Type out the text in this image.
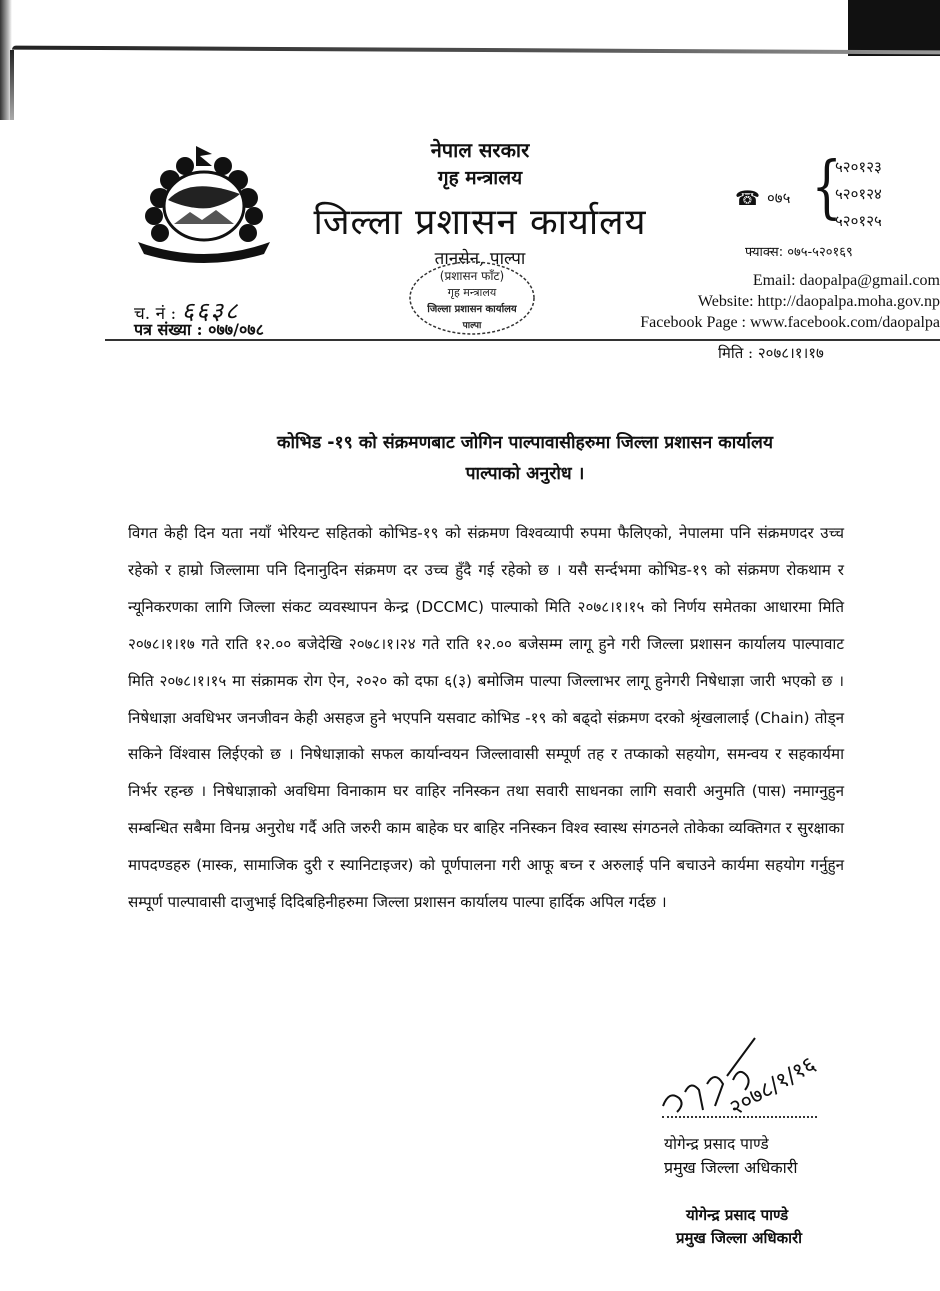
नेपाल सरकार
गृह मन्त्रालय
जिल्ला प्रशासन कार्यालय
तानसेन, पाल्पा
(प्रशासन फाँट)
गृह मन्त्रालय
जिल्ला प्रशासन कार्यालय
पाल्पा
☎ ०७५ {
५२०१२३
५२०१२४
५२०१२५
फ्याक्स: ०७५-५२०१६९
Email: daopalpa@gmail.com
Website: http://daopalpa.moha.gov.np
Facebook Page : www.facebook.com/daopalpa
च. नं : ६६३८
पत्र संख्या : ०७७/०७८
मिति : २०७८।१।१७
कोभिड -१९ को संक्रमणबाट जोगिन पाल्पावासीहरुमा जिल्ला प्रशासन कार्यालय
पाल्पाको अनुरोध ।
विगत केही दिन यता नयाँ भेरियन्ट सहितको कोभिड-१९ को संक्रमण विश्वव्यापी रुपमा फैलिएको, नेपालमा पनि संक्रमणदर उच्च रहेको र हाम्रो जिल्लामा पनि दिनानुदिन संक्रमण दर उच्च हुँदै गई रहेको छ । यसै सर्न्दभमा कोभिड-१९ को संक्रमण रोकथाम र न्यूनिकरणका लागि जिल्ला संकट व्यवस्थापन केन्द्र (DCCMC) पाल्पाको मिति २०७८।१।१५ को निर्णय समेतका आधारमा मिति २०७८।१।१७ गते राति १२.०० बजेदेखि २०७८।१।२४ गते राति १२.०० बजेसम्म लागू हुने गरी जिल्ला प्रशासन कार्यालय पाल्पावाट मिति २०७८।१।१५ मा संक्रामक रोग ऐन, २०२० को दफा ६(३) बमोजिम पाल्पा जिल्लाभर लागू हुनेगरी निषेधाज्ञा जारी भएको छ । निषेधाज्ञा अवधिभर जनजीवन केही असहज हुने भएपनि यसवाट कोभिड -१९ को बढ्दो संक्रमण दरको श्रृंखलालाई (Chain) तोड्न सकिने विंश्वास लिईएको छ । निषेधाज्ञाको सफल कार्यान्वयन जिल्लावासी सम्पूर्ण तह र तप्काको सहयोग, समन्वय र सहकार्यमा निर्भर रहन्छ । निषेधाज्ञाको अवधिमा विनाकाम घर वाहिर ननिस्कन तथा सवारी साधनका लागि सवारी अनुमति (पास) नमाग्नुहुन सम्बन्धित सबैमा विनम्र अनुरोध गर्दै अति जरुरी काम बाहेक घर बाहिर ननिस्कन विश्व स्वास्थ संगठनले तोकेका व्यक्तिगत र सुरक्षाका मापदण्डहरु (मास्क, सामाजिक दुरी र स्यानिटाइजर) को पूर्णपालना गरी आफू बच्न र अरुलाई पनि बचाउने कार्यमा सहयोग गर्नुहुन सम्पूर्ण पाल्पावासी दाजुभाई दिदिबहिनीहरुमा जिल्ला प्रशासन कार्यालय पाल्पा हार्दिक अपिल गर्दछ ।
२०७८/१/१६
योगेन्द्र प्रसाद पाण्डे
प्रमुख जिल्ला अधिकारी
योगेन्द्र प्रसाद पाण्डे
प्रमुख जिल्ला अधिकारी
